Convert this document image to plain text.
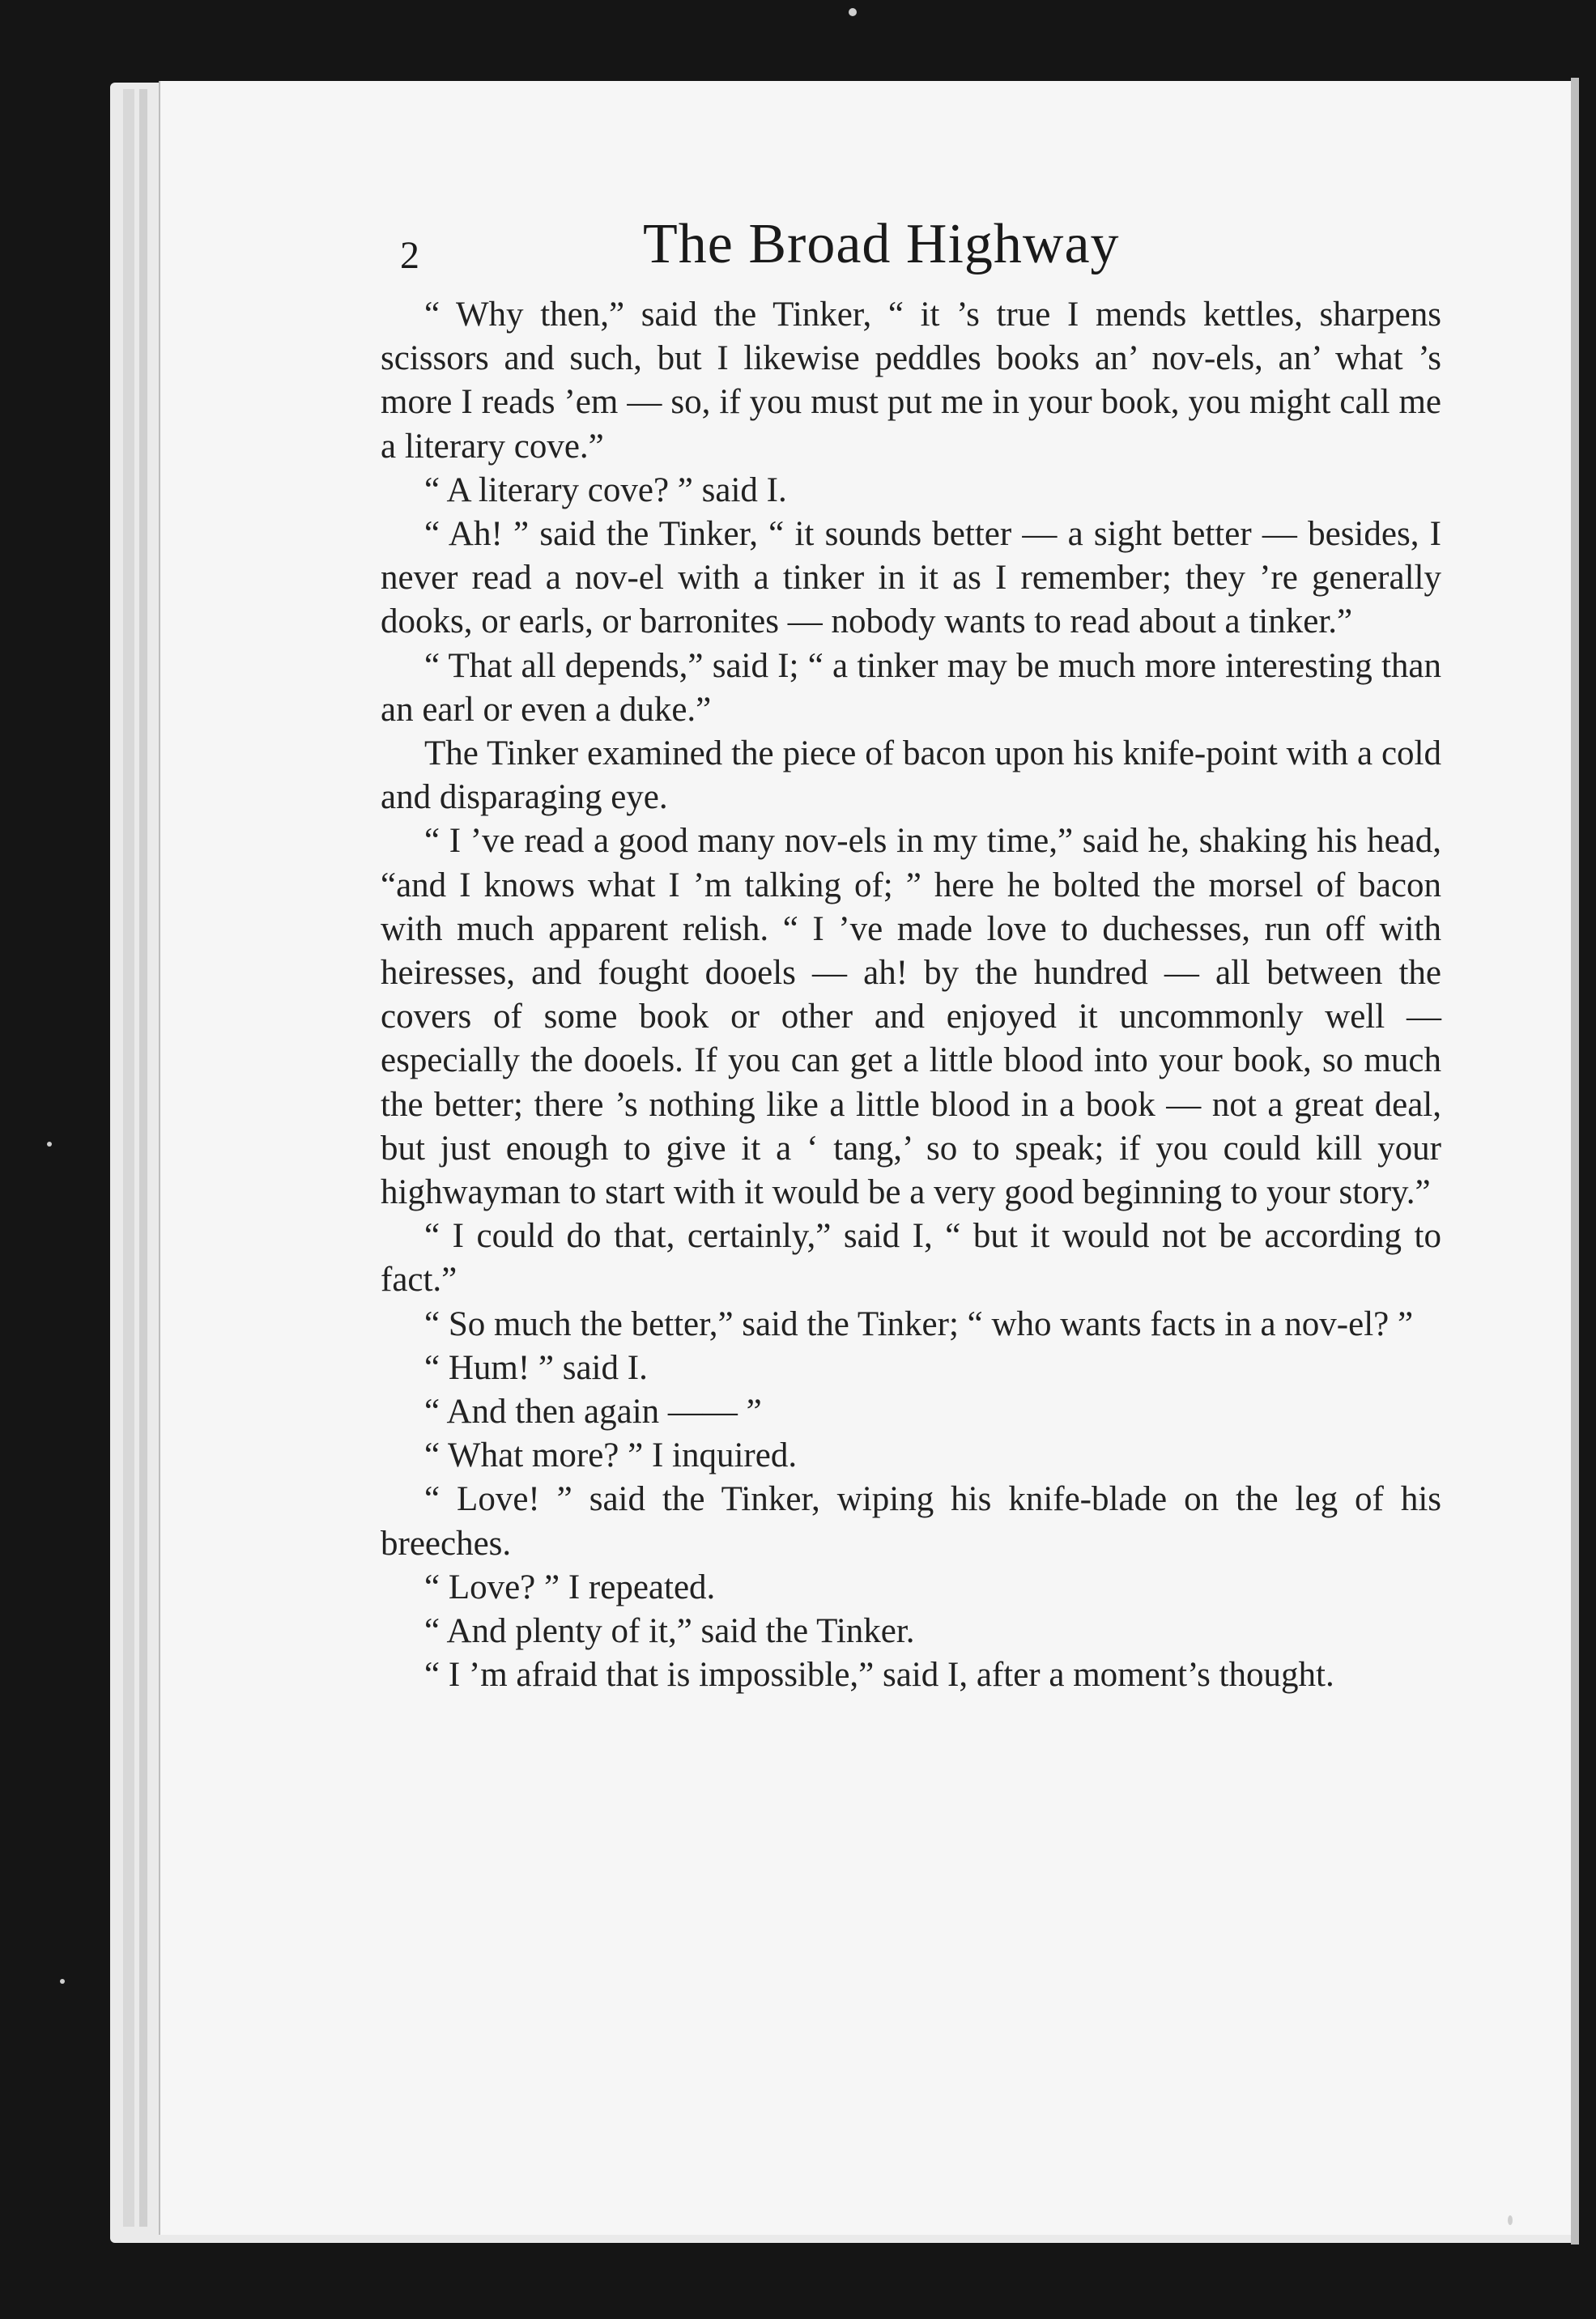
2	The Broad Highway

“ Why then,” said the Tinker, “ it ’s true I mends kettles, sharpens scissors and such, but I likewise peddles books an’ nov-els, an’ what ’s more I reads ’em — so, if you must put me in your book, you might call me a literary cove.”

“ A literary cove? ” said I.

“ Ah! ” said the Tinker, “ it sounds better — a sight better — besides, I never read a nov-el with a tinker in it as I remember; they ’re generally dooks, or earls, or barronites — nobody wants to read about a tinker.”

“ That all depends,” said I; “ a tinker may be much more interesting than an earl or even a duke.”

The Tinker examined the piece of bacon upon his knife-point with a cold and disparaging eye.

“ I ’ve read a good many nov-els in my time,” said he, shaking his head, “and I knows what I ’m talking of; ” here he bolted the morsel of bacon with much apparent relish. “ I ’ve made love to duchesses, run off with heiresses, and fought dooels — ah! by the hundred — all between the covers of some book or other and enjoyed it uncommonly well — especially the dooels. If you can get a little blood into your book, so much the better; there ’s nothing like a little blood in a book — not a great deal, but just enough to give it a ‘ tang,’ so to speak; if you could kill your highwayman to start with it would be a very good beginning to your story.”

“ I could do that, certainly,” said I, “ but it would not be according to fact.”

“ So much the better,” said the Tinker; “ who wants facts in a nov-el? ”

“ Hum! ” said I.

“ And then again —— ”

“ What more? ” I inquired.

“ Love! ” said the Tinker, wiping his knife-blade on the leg of his breeches.

“ Love? ” I repeated.

“ And plenty of it,” said the Tinker.

“ I ’m afraid that is impossible,” said I, after a moment’s thought.
